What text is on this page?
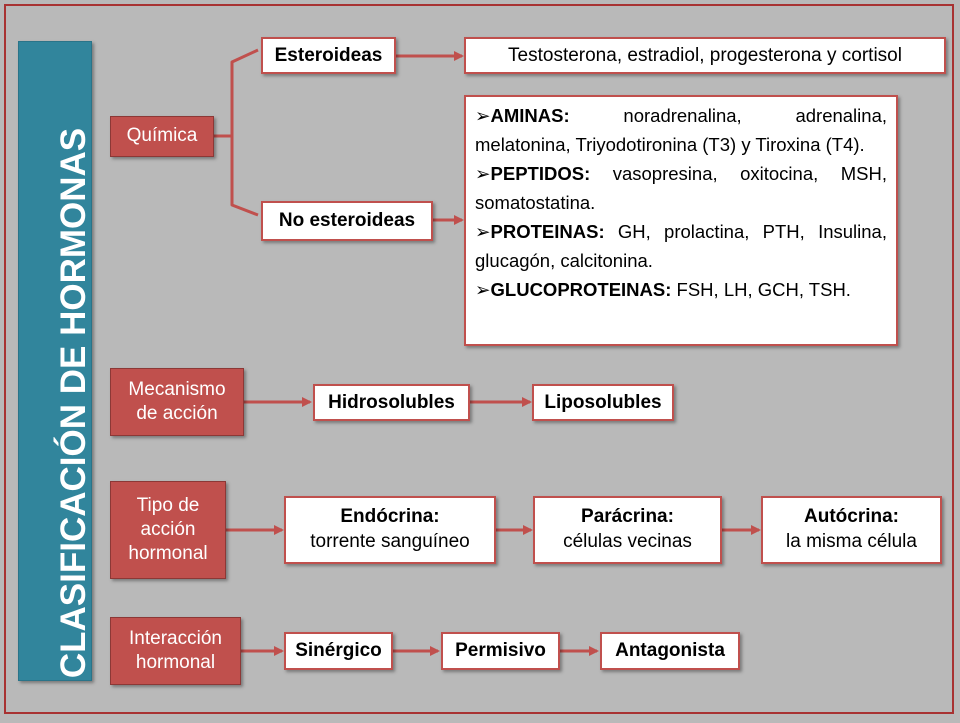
CLASIFICACIÓN DE HORMONAS	Química
Esteroideas	Testosterona, estradiol, progesterona y cortisol
No esteroideas

➢AMINAS: noradrenalina, adrenalina, melatonina, Triyodotironina (T3) y Tiroxina (T4).

➢PEPTIDOS: vasopresina, oxitocina, MSH, somatostatina.

➢PROTEINAS: GH, prolactina, PTH, Insulina, glucagón, calcitonina.

➢GLUCOPROTEINAS: FSH, LH, GCH, TSH.

Mecanismo
de acción
Hidrosolubles	Liposolubles
Tipo de
acción
hormonal
Endócrina:
torrente sanguíneo
Parácrina:
células vecinas
Autócrina:
la misma célula
Interacción
hormonal
Sinérgico	Permisivo	Antagonista
